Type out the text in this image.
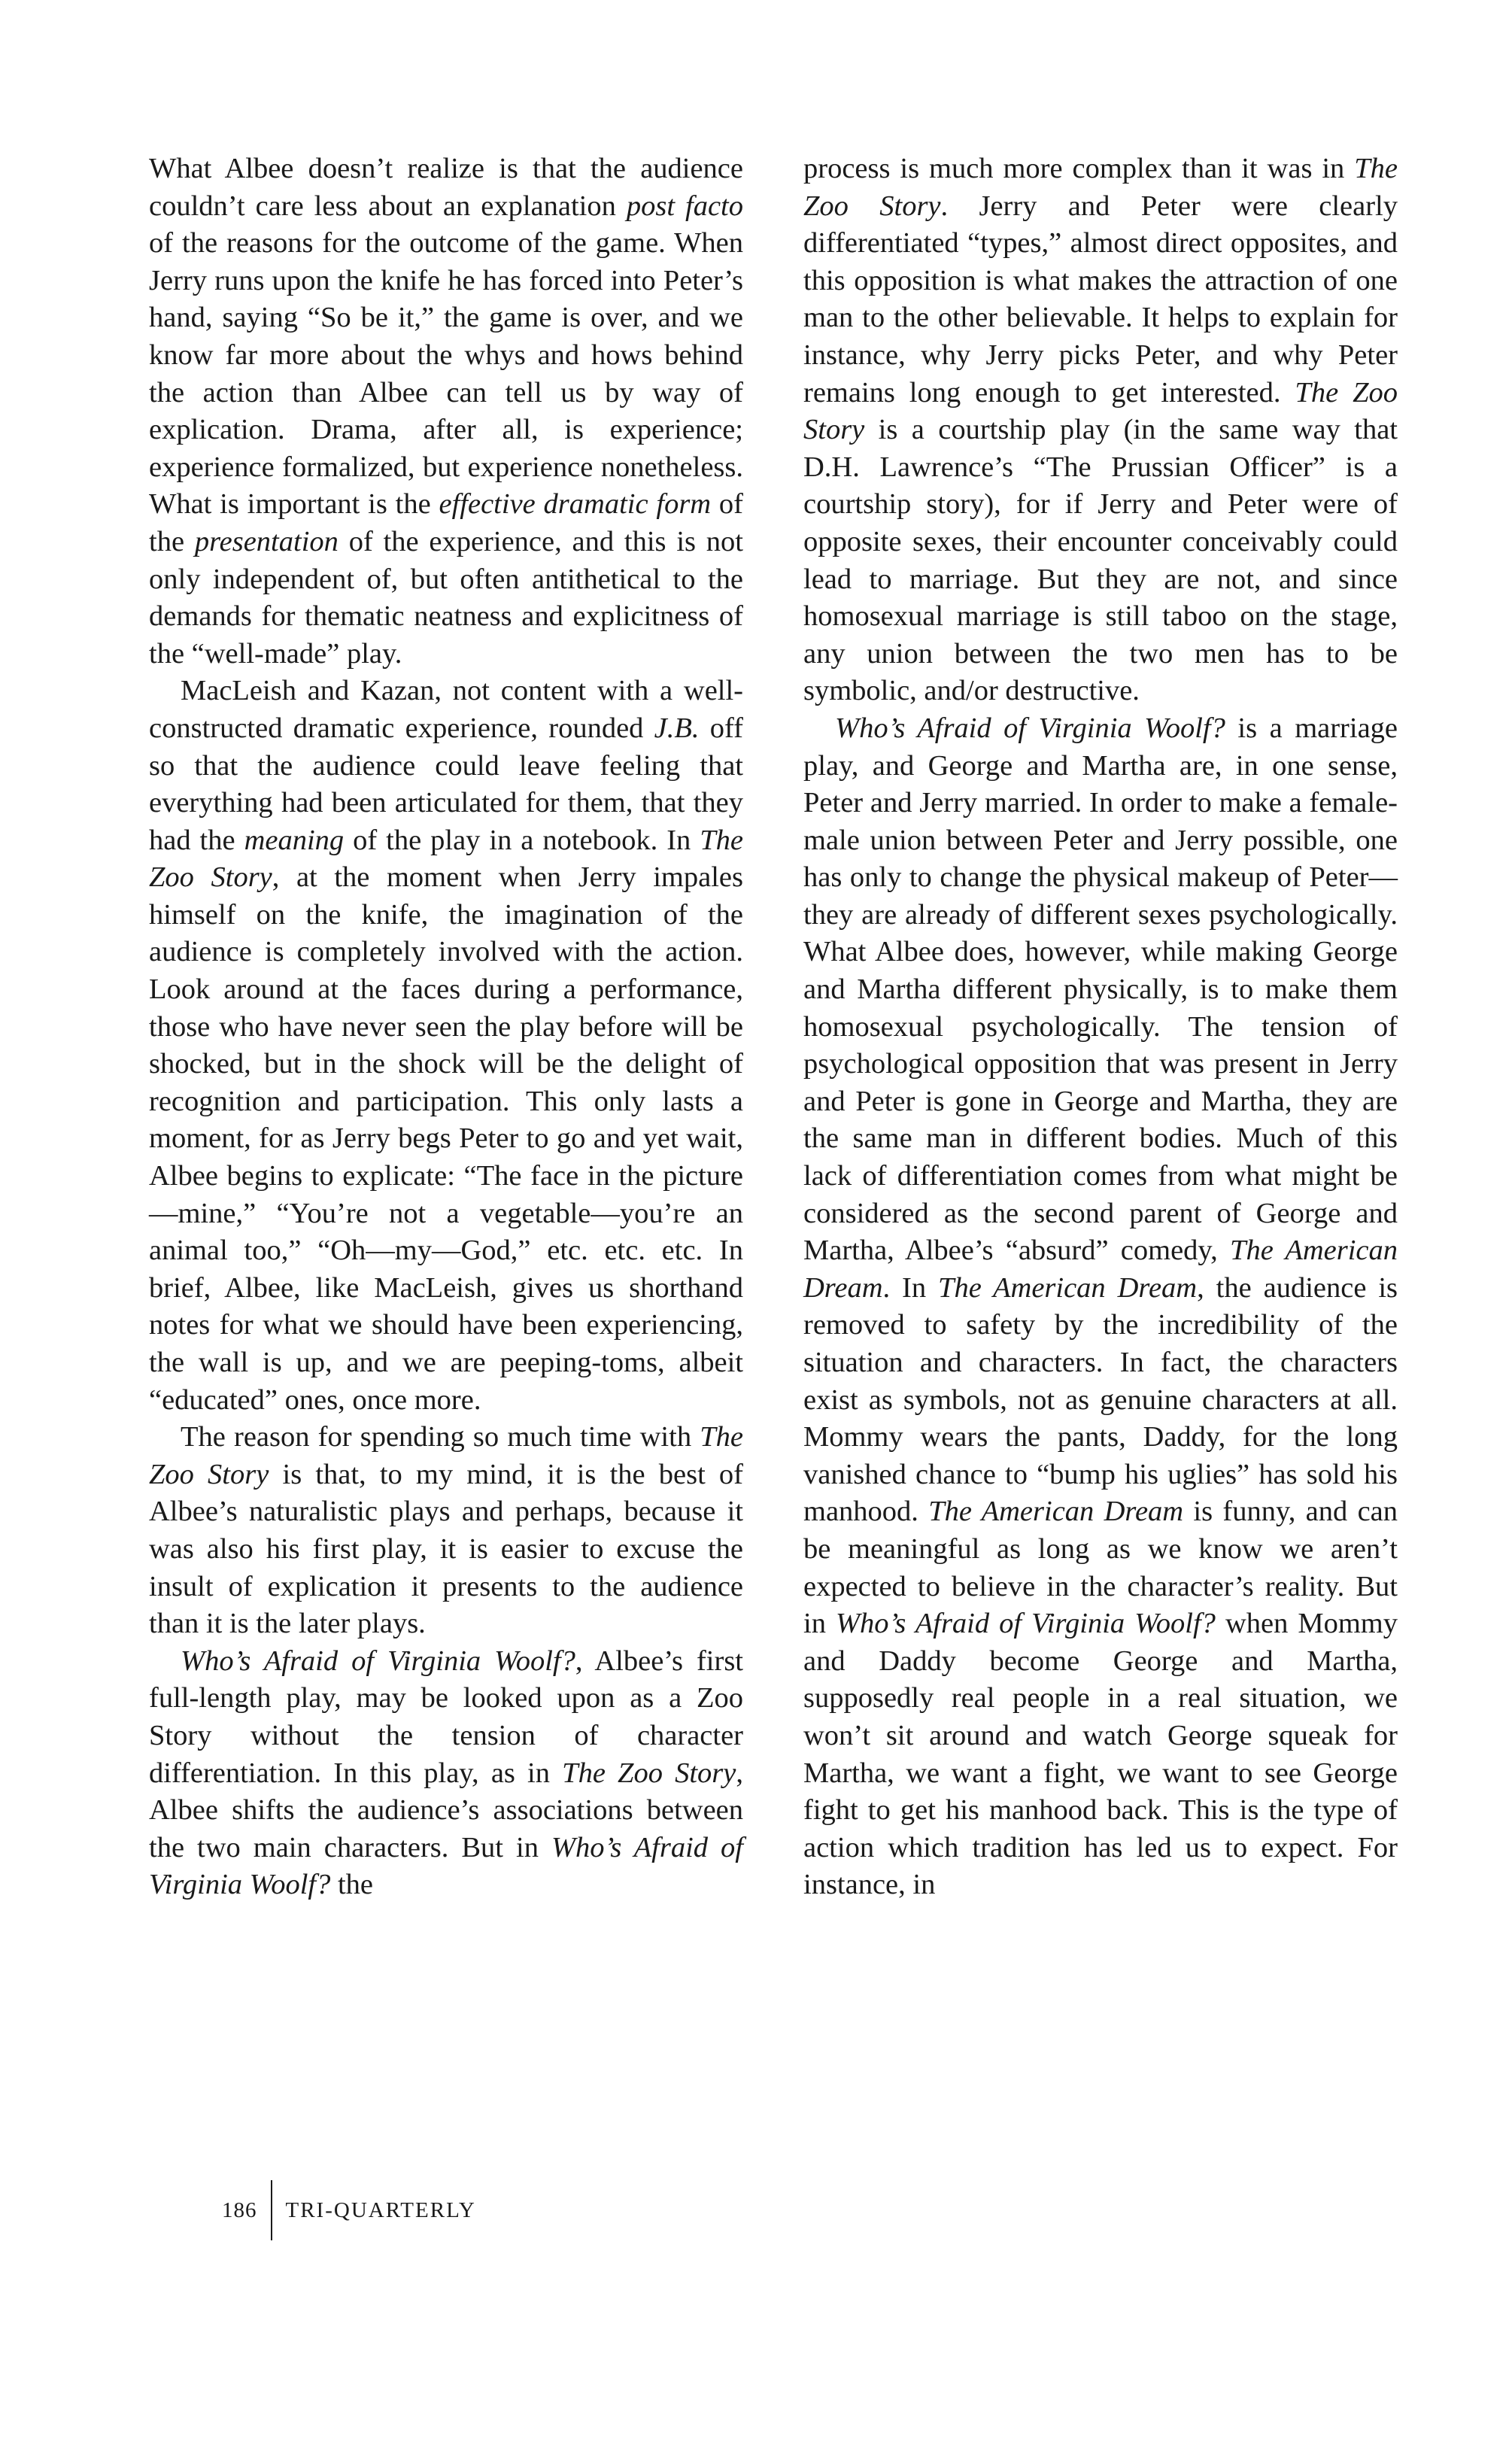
What Albee doesn’t realize is that the audience couldn’t care less about an explanation post facto of the reasons for the outcome of the game. When Jerry runs upon the knife he has forced into Peter’s hand, saying “So be it,” the game is over, and we know far more about the whys and hows behind the action than Albee can tell us by way of explication. Drama, after all, is experience; experience formalized, but experience nonetheless. What is important is the effective dramatic form of the presentation of the experience, and this is not only independent of, but often antithetical to the demands for thematic neatness and explicitness of the “well-made” play.

MacLeish and Kazan, not content with a well-constructed dramatic experience, rounded J.B. off so that the audience could leave feeling that everything had been articulated for them, that they had the meaning of the play in a notebook. In The Zoo Story, at the moment when Jerry impales himself on the knife, the imagination of the audience is completely involved with the action. Look around at the faces during a performance, those who have never seen the play before will be shocked, but in the shock will be the delight of recognition and participation. This only lasts a moment, for as Jerry begs Peter to go and yet wait, Albee begins to explicate: “The face in the picture—mine,” “You’re not a vegetable—you’re an animal too,” “Oh—my—God,” etc. etc. etc. In brief, Albee, like MacLeish, gives us shorthand notes for what we should have been experiencing, the wall is up, and we are peeping-toms, albeit “educated” ones, once more.

The reason for spending so much time with The Zoo Story is that, to my mind, it is the best of Albee’s naturalistic plays and perhaps, because it was also his first play, it is easier to excuse the insult of explication it presents to the audience than it is the later plays.

Who’s Afraid of Virginia Woolf?, Albee’s first full-length play, may be looked upon as a Zoo Story without the tension of character differentiation. In this play, as in The Zoo Story, Albee shifts the audience’s associations between the two main characters. But in Who’s Afraid of Virginia Woolf? the

process is much more complex than it was in The Zoo Story. Jerry and Peter were clearly differentiated “types,” almost direct opposites, and this opposition is what makes the attraction of one man to the other believable. It helps to explain for instance, why Jerry picks Peter, and why Peter remains long enough to get interested. The Zoo Story is a courtship play (in the same way that D.H. Lawrence’s “The Prussian Officer” is a courtship story), for if Jerry and Peter were of opposite sexes, their encounter conceivably could lead to marriage. But they are not, and since homosexual marriage is still taboo on the stage, any union between the two men has to be symbolic, and/or destructive.

Who’s Afraid of Virginia Woolf? is a marriage play, and George and Martha are, in one sense, Peter and Jerry married. In order to make a female-male union between Peter and Jerry possible, one has only to change the physical makeup of Peter—they are already of different sexes psychologically. What Albee does, however, while making George and Martha different physically, is to make them homosexual psychologically. The tension of psychological opposition that was present in Jerry and Peter is gone in George and Martha, they are the same man in different bodies. Much of this lack of differentiation comes from what might be considered as the second parent of George and Martha, Albee’s “absurd” comedy, The American Dream. In The American Dream, the audience is removed to safety by the incredibility of the situation and characters. In fact, the characters exist as symbols, not as genuine characters at all. Mommy wears the pants, Daddy, for the long vanished chance to “bump his uglies” has sold his manhood. The American Dream is funny, and can be meaningful as long as we know we aren’t expected to believe in the character’s reality. But in Who’s Afraid of Virginia Woolf? when Mommy and Daddy become George and Martha, supposedly real people in a real situation, we won’t sit around and watch George squeak for Martha, we want a fight, we want to see George fight to get his manhood back. This is the type of action which tradition has led us to expect. For instance, in

186	TRI-QUARTERLY
